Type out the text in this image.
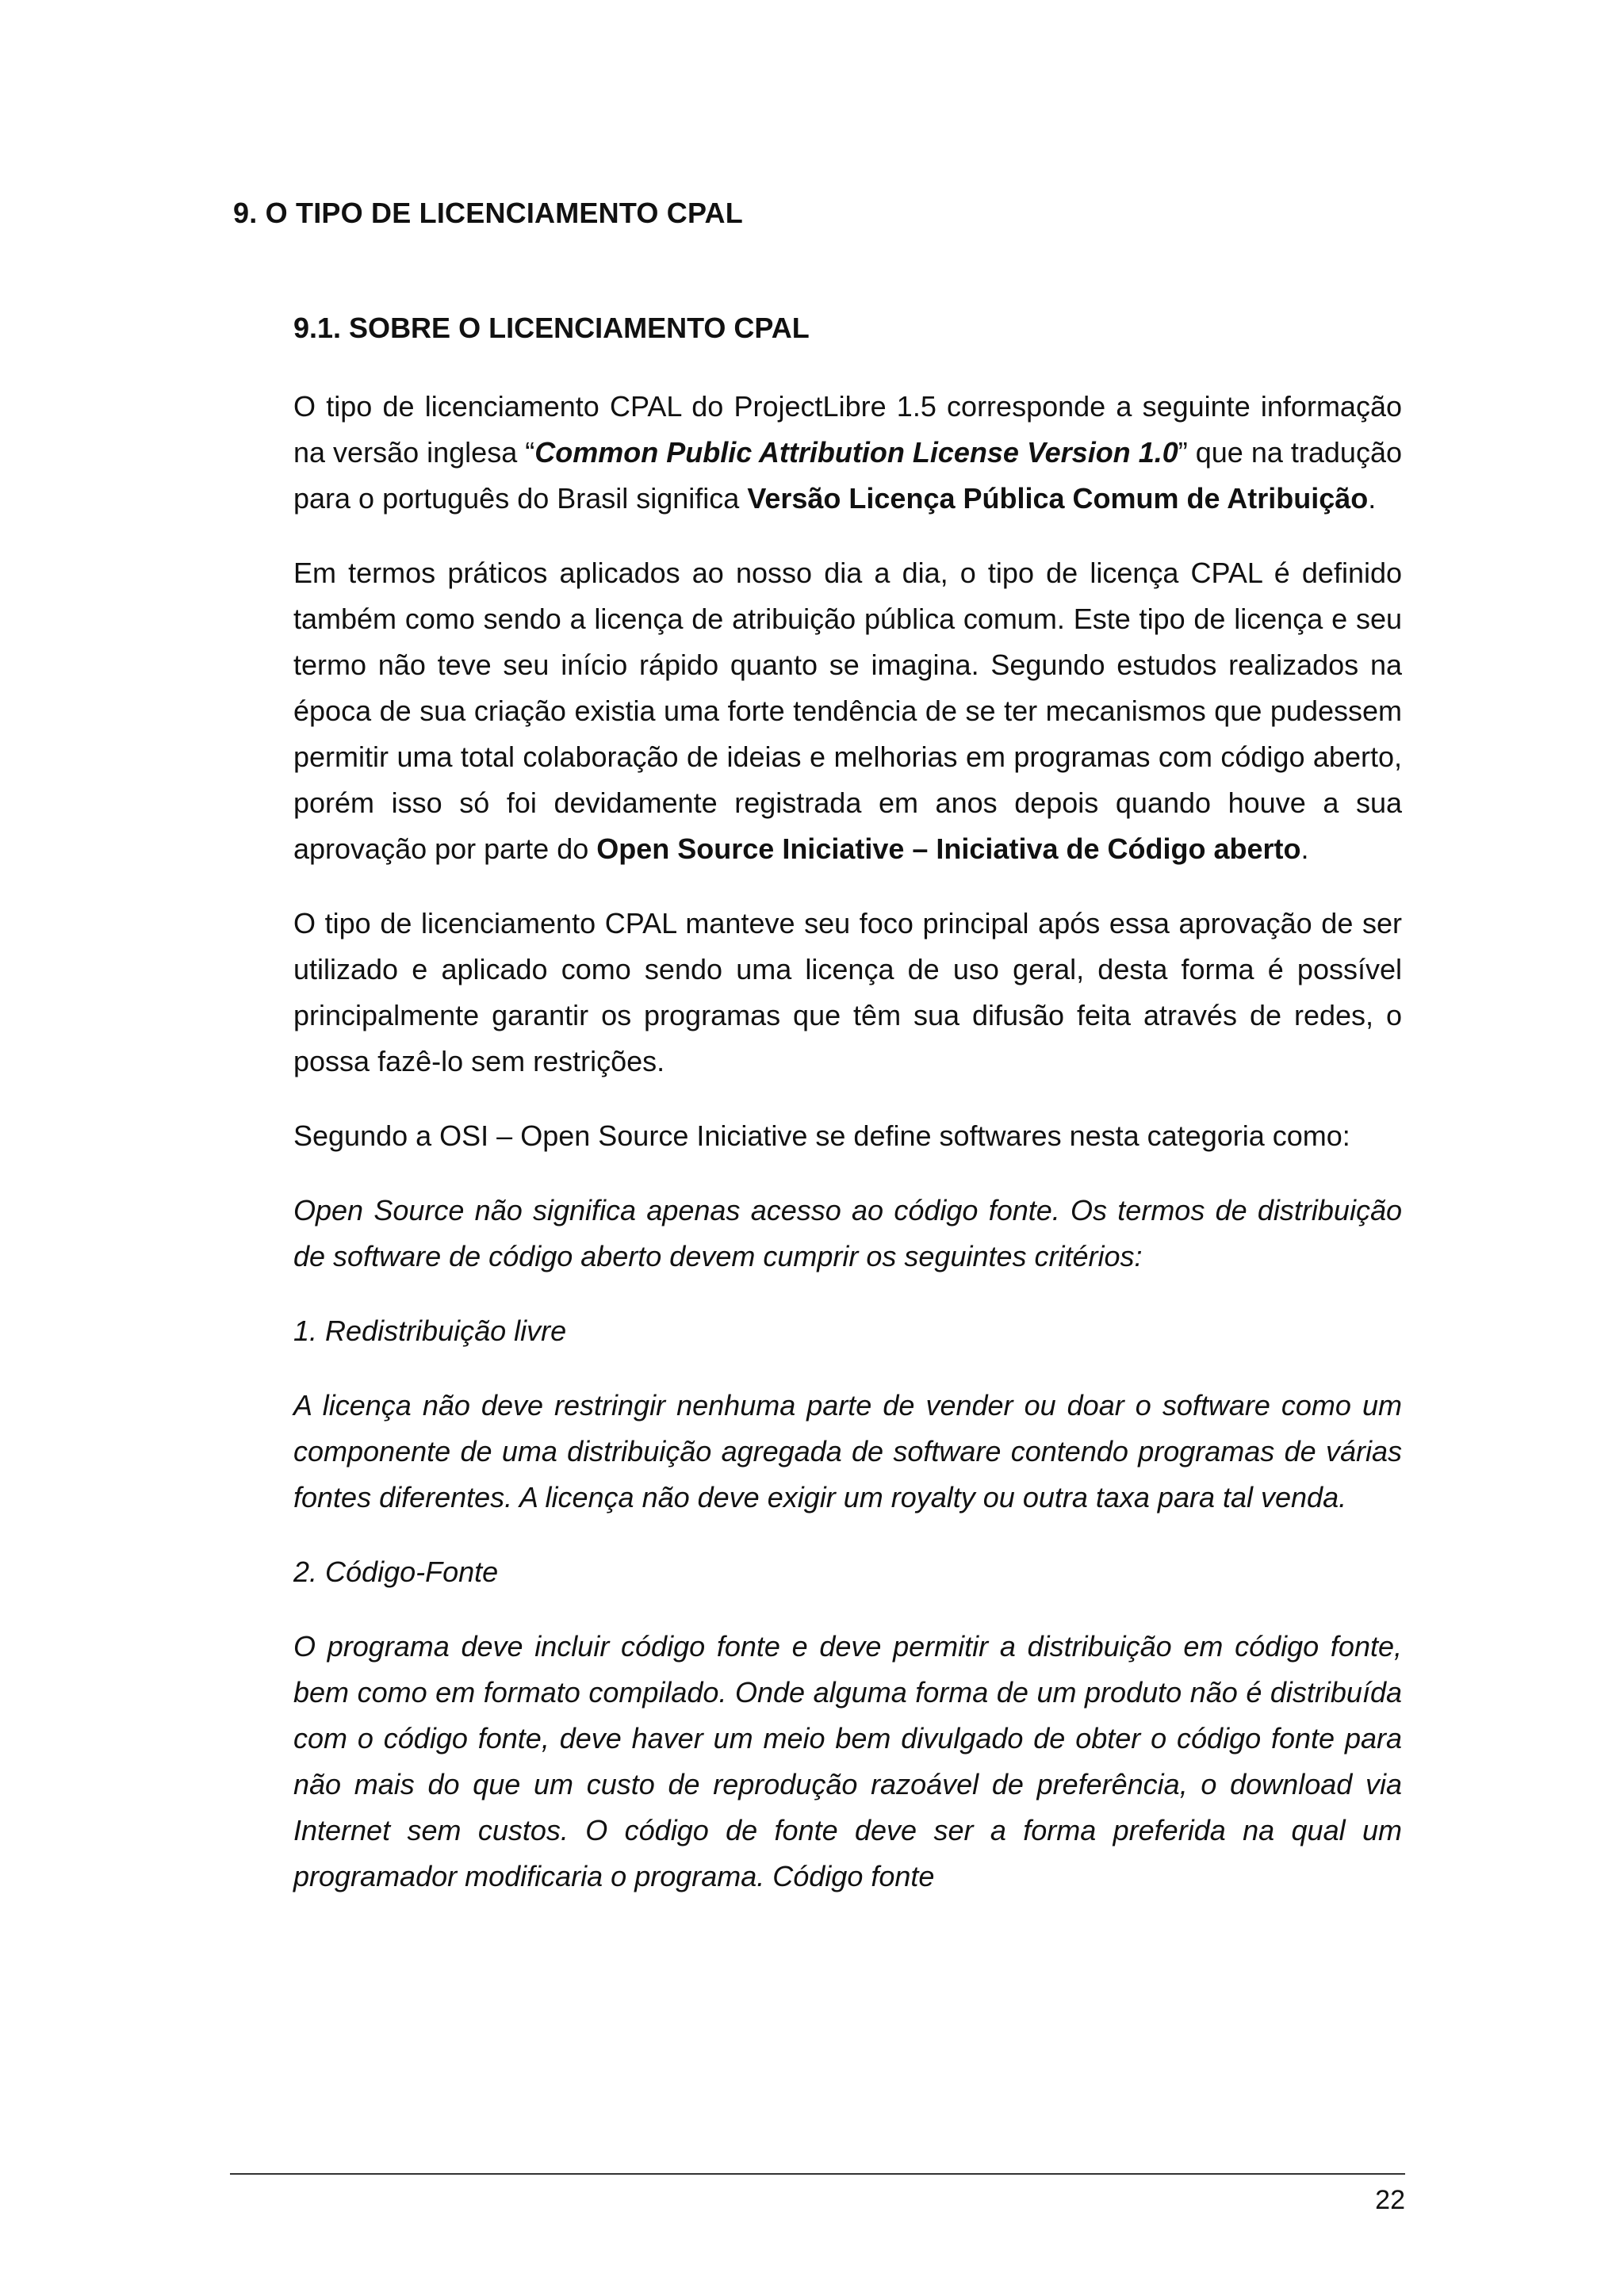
9. O TIPO DE LICENCIAMENTO CPAL
9.1. SOBRE O LICENCIAMENTO CPAL

O tipo de licenciamento CPAL do ProjectLibre 1.5 corresponde a seguinte informação na versão inglesa “Common Public Attribution License Version 1.0” que na tradução para o português do Brasil significa Versão Licença Pública Comum de Atribuição.

Em termos práticos aplicados ao nosso dia a dia, o tipo de licença CPAL é definido também como sendo a licença de atribuição pública comum. Este tipo de licença e seu termo não teve seu início rápido quanto se imagina. Segundo estudos realizados na época de sua criação existia uma forte tendência de se ter mecanismos que pudessem permitir uma total colaboração de ideias e melhorias em programas com código aberto, porém isso só foi devidamente registrada em anos depois quando houve a sua aprovação por parte do Open Source Iniciative – Iniciativa de Código aberto.

O tipo de licenciamento CPAL manteve seu foco principal após essa aprovação de ser utilizado e aplicado como sendo uma licença de uso geral, desta forma é possível principalmente garantir os programas que têm sua difusão feita através de redes, o possa fazê-lo sem restrições.

Segundo a OSI – Open Source Iniciative se define softwares nesta categoria como:

Open Source não significa apenas acesso ao código fonte. Os termos de distribuição de software de código aberto devem cumprir os seguintes critérios:

1. Redistribuição livre

A licença não deve restringir nenhuma parte de vender ou doar o software como um componente de uma distribuição agregada de software contendo programas de várias fontes diferentes. A licença não deve exigir um royalty ou outra taxa para tal venda.

2. Código-Fonte

O programa deve incluir código fonte e deve permitir a distribuição em código fonte, bem como em formato compilado. Onde alguma forma de um produto não é distribuída com o código fonte, deve haver um meio bem divulgado de obter o código fonte para não mais do que um custo de reprodução razoável de preferência, o download via Internet sem custos. O código de fonte deve ser a forma preferida na qual um programador modificaria o programa. Código fonte

22
